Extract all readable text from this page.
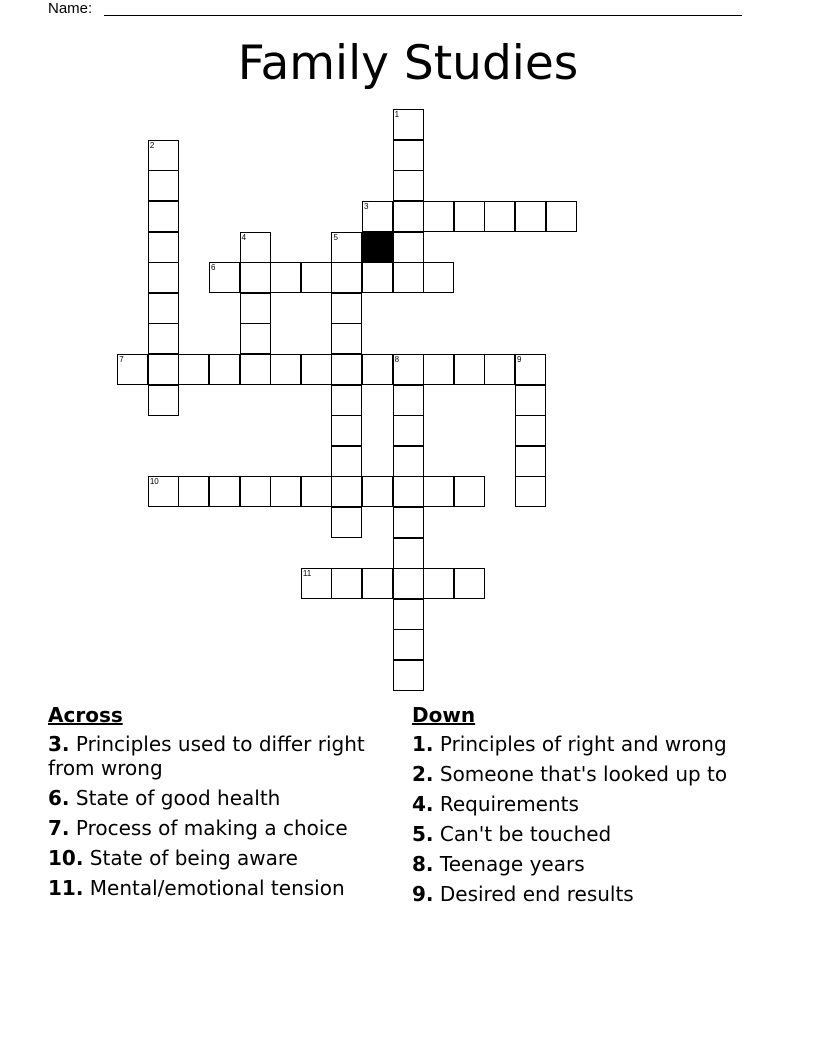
Name:
Family Studies
1
2
3
4	5
6
7	8	9
10
11
Across
3. Principles used to differ right from wrong
6. State of good health
7. Process of making a choice
10. State of being aware
11. Mental/emotional tension
Down
1. Principles of right and wrong
2. Someone that's looked up to
4. Requirements
5. Can't be touched
8. Teenage years
9. Desired end results
